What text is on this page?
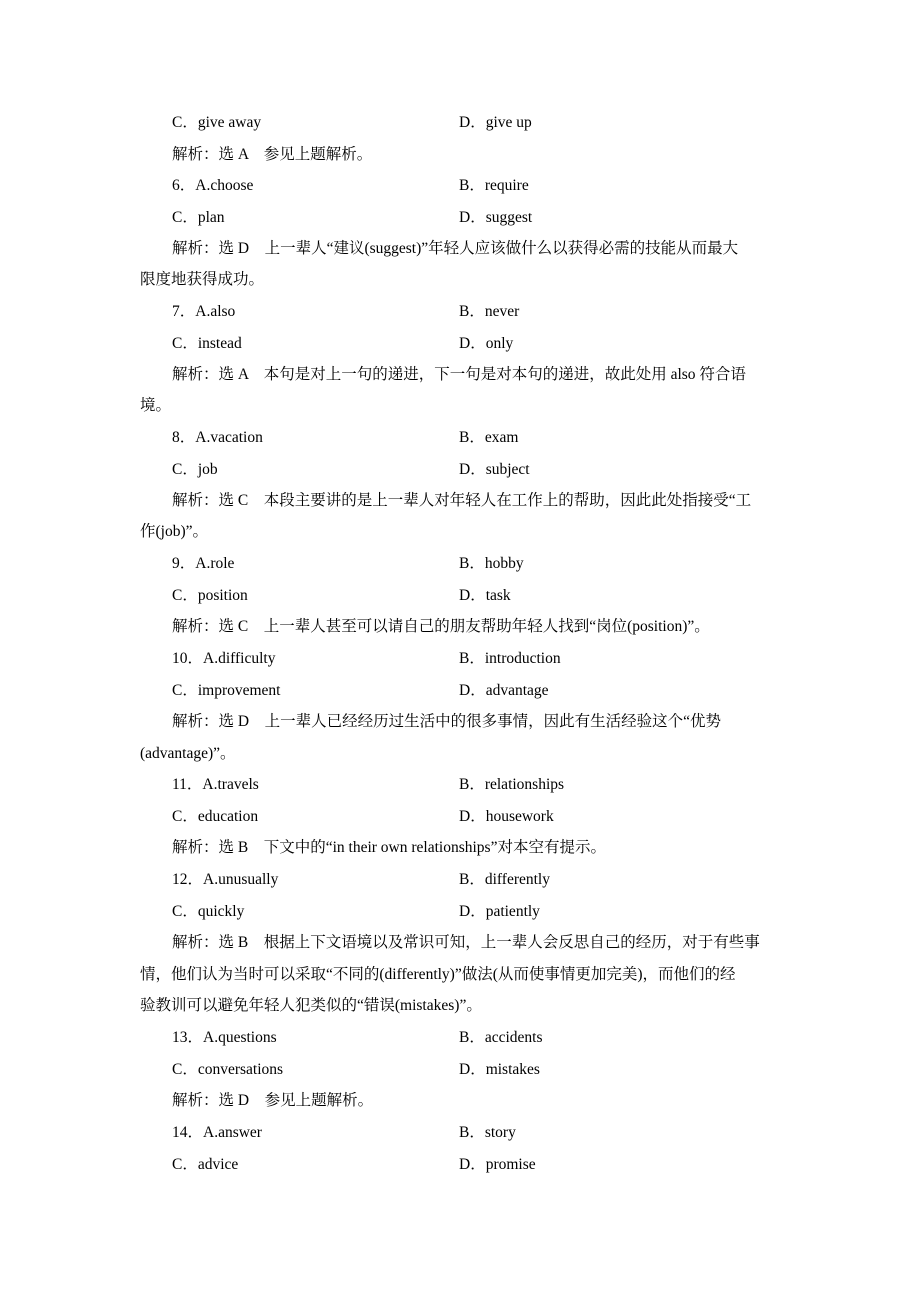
C．give away	D．give up
解析：选 A　参见上题解析。
6．A.choose	B．require
C．plan	D．suggest
解析：选 D　上一辈人“建议(suggest)”年轻人应该做什么以获得必需的技能从而最大
限度地获得成功。
7．A.also	B．never
C．instead	D．only
解析：选 A　本句是对上一句的递进，下一句是对本句的递进，故此处用 also 符合语
境。
8．A.vacation	B．exam
C．job	D．subject
解析：选 C　本段主要讲的是上一辈人对年轻人在工作上的帮助，因此此处指接受“工
作(job)”。
9．A.role	B．hobby
C．position	D．task
解析：选 C　上一辈人甚至可以请自己的朋友帮助年轻人找到“岗位(position)”。
10．A.difficulty	B．introduction
C．improvement	D．advantage
解析：选 D　上一辈人已经经历过生活中的很多事情，因此有生活经验这个“优势
(advantage)”。
11．A.travels	B．relationships
C．education	D．housework
解析：选 B　下文中的“in their own relationships”对本空有提示。
12．A.unusually	B．differently
C．quickly	D．patiently
解析：选 B　根据上下文语境以及常识可知，上一辈人会反思自己的经历，对于有些事
情，他们认为当时可以采取“不同的(differently)”做法(从而使事情更加完美)，而他们的经
验教训可以避免年轻人犯类似的“错误(mistakes)”。
13．A.questions	B．accidents
C．conversations	D．mistakes
解析：选 D　参见上题解析。
14．A.answer	B．story
C．advice	D．promise
